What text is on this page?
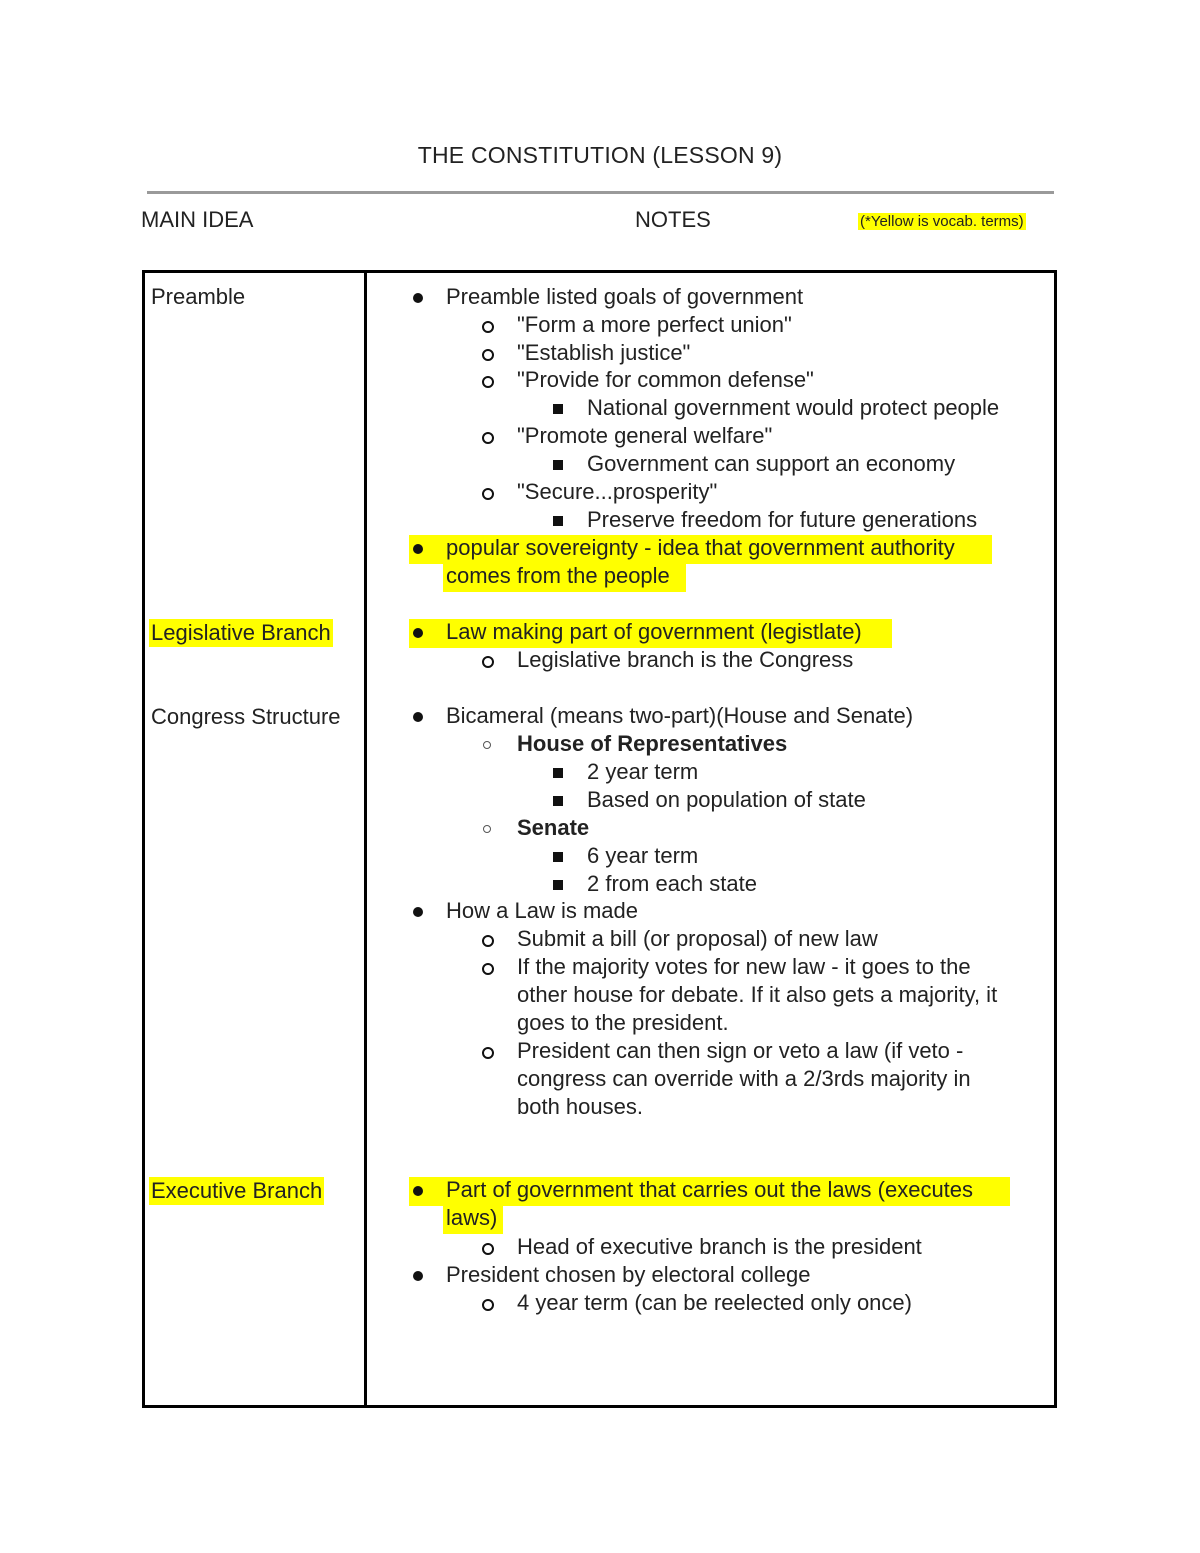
THE CONSTITUTION (LESSON 9)
MAIN IDEA	NOTES	(*Yellow is vocab. terms)
Preamble
Legislative Branch
Congress Structure
Executive Branch
Preamble listed goals of government
"Form a more perfect union"
"Establish justice"
"Provide for common defense"
National government would protect people
"Promote general welfare"
Government can support an economy
"Secure...prosperity"
Preserve freedom for future generations
popular sovereignty - idea that government authority
comes from the people
Law making part of government (legistlate)
Legislative branch is the Congress
Bicameral (means two-part)(House and Senate)
House of Representatives
2 year term
Based on population of state
Senate
6 year term
2 from each state
How a Law is made
Submit a bill (or proposal) of new law
If the majority votes for new law - it goes to the
other house for debate. If it also gets a majority, it
goes to the president.
President can then sign or veto a law (if veto -
congress can override with a 2/3rds majority in
both houses.
Part of government that carries out the laws (executes
laws)
Head of executive branch is the president
President chosen by electoral college
4 year term (can be reelected only once)
